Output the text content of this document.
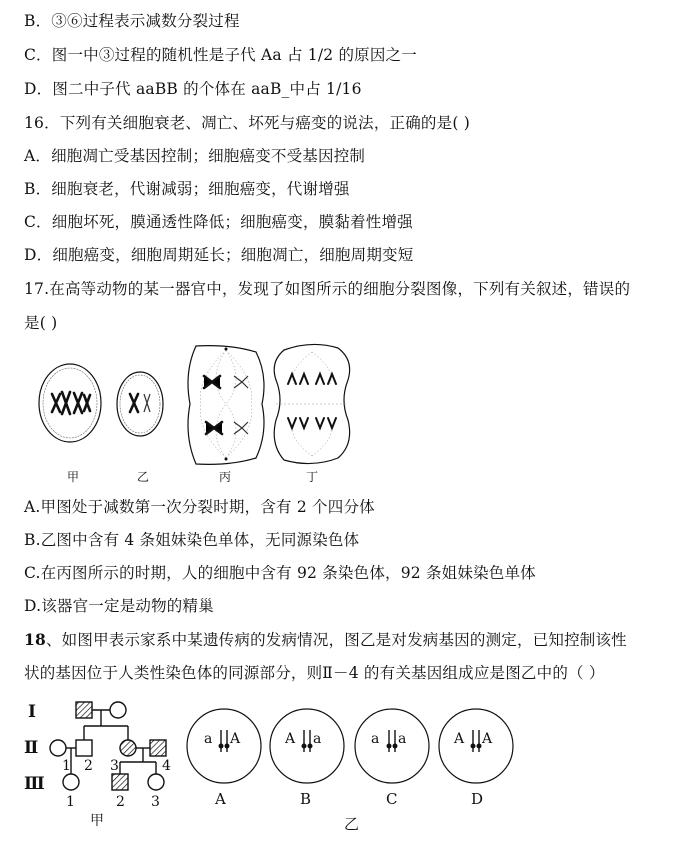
B．③⑥过程表示减数分裂过程
C．图一中③过程的随机性是子代 Aa 占 1/2 的原因之一
D．图二中子代 aaBB 的个体在 aaB_中占 1/16
16．下列有关细胞衰老、凋亡、坏死与癌变的说法，正确的是( )
A．细胞凋亡受基因控制；细胞癌变不受基因控制
B．细胞衰老，代谢减弱；细胞癌变，代谢增强
C．细胞坏死，膜通透性降低；细胞癌变，膜黏着性增强
D．细胞癌变，细胞周期延长；细胞凋亡，细胞周期变短
17.在高等动物的某一器官中，发现了如图所示的细胞分裂图像，下列有关叙述，错误的
是( )
甲	乙	丙	丁
A.甲图处于减数第一次分裂时期，含有 2 个四分体
B.乙图中含有 4 条姐妹染色单体，无同源染色体
C.在丙图所示的时期，人的细胞中含有 92 条染色体，92 条姐妹染色单体
D.该器官一定是动物的精巢
18、如图甲表示家系中某遗传病的发病情况，图乙是对发病基因的测定，已知控制该性
状的基因位于人类性染色体的同源部分，则Ⅱ－4 的有关基因组成应是图乙中的（ ）
Ⅰ
Ⅱ
Ⅲ
1 2 3	4
1	2 3
甲
a A	A a	a a	A A
A	B	C	D
乙
